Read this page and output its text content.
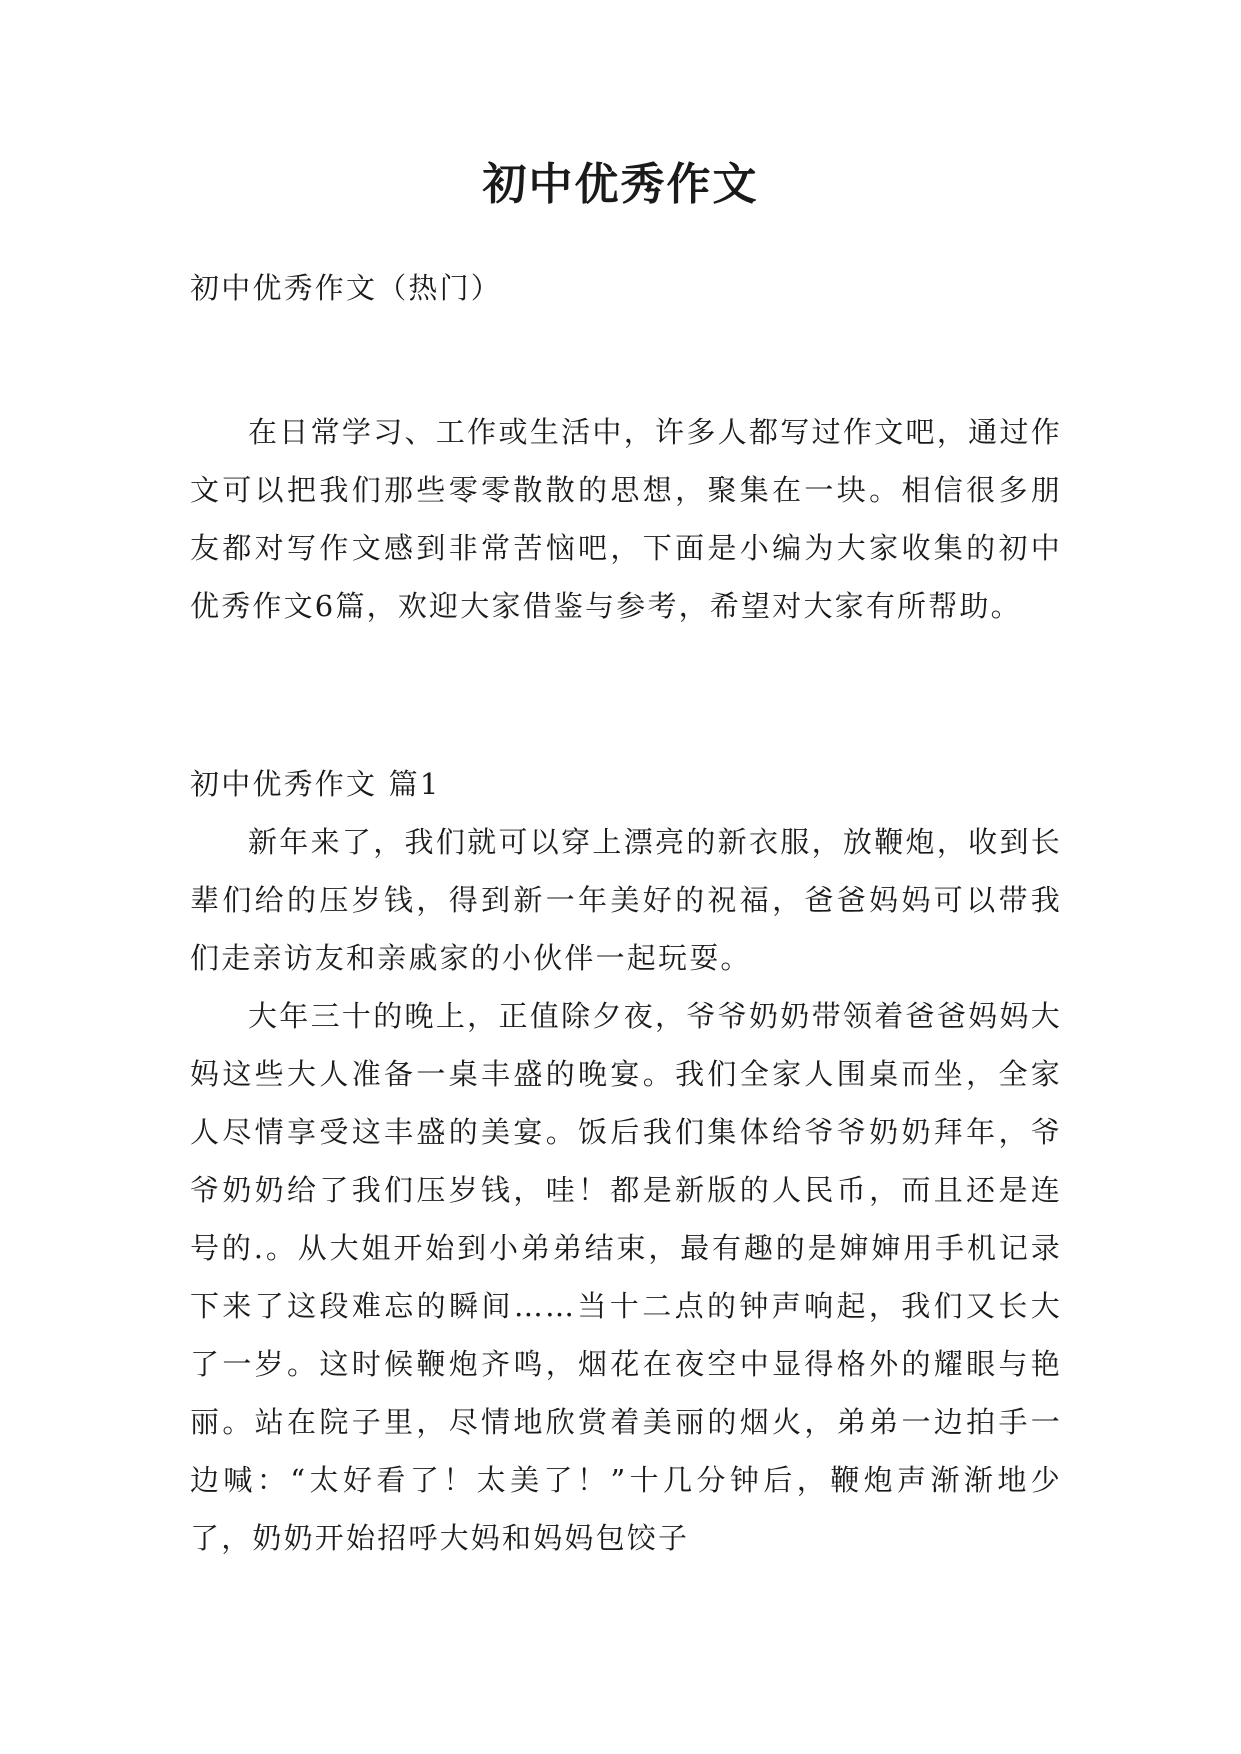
初中优秀作文

初中优秀作文（热门）

在日常学习、工作或生活中，许多人都写过作文吧，通过作文可以把我们那些零零散散的思想，聚集在一块。相信很多朋友都对写作文感到非常苦恼吧，下面是小编为大家收集的初中优秀作文6篇，欢迎大家借鉴与参考，希望对大家有所帮助。

初中优秀作文 篇1

新年来了，我们就可以穿上漂亮的新衣服，放鞭炮，收到长辈们给的压岁钱，得到新一年美好的祝福，爸爸妈妈可以带我们走亲访友和亲戚家的小伙伴一起玩耍。

大年三十的晚上，正值除夕夜，爷爷奶奶带领着爸爸妈妈大妈这些大人准备一桌丰盛的晚宴。我们全家人围桌而坐，全家人尽情享受这丰盛的美宴。饭后我们集体给爷爷奶奶拜年，爷爷奶奶给了我们压岁钱，哇！都是新版的人民币，而且还是连号的.。从大姐开始到小弟弟结束，最有趣的是婶婶用手机记录下来了这段难忘的瞬间……当十二点的钟声响起，我们又长大了一岁。这时候鞭炮齐鸣，烟花在夜空中显得格外的耀眼与艳丽。站在院子里，尽情地欣赏着美丽的烟火，弟弟一边拍手一边喊：“太好看了！太美了！”十几分钟后，鞭炮声渐渐地少了，奶奶开始招呼大妈和妈妈包饺子
